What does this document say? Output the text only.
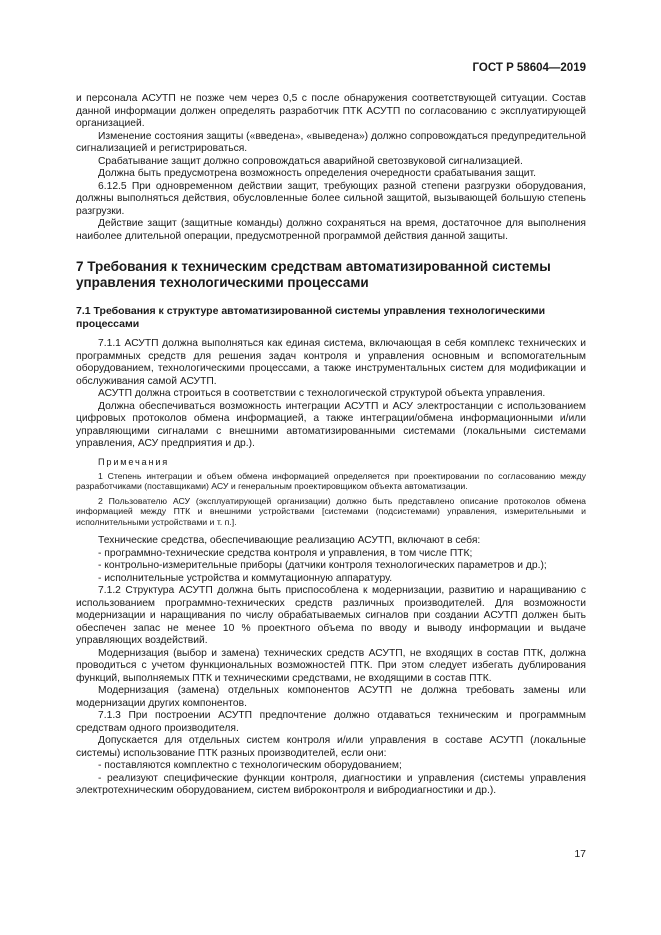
ГОСТ Р 58604—2019

и персонала АСУТП не позже чем через 0,5 с после обнаружения соответствующей ситуации. Состав данной информации должен определять разработчик ПТК АСУТП по согласованию с эксплуатирующей организацией.

Изменение состояния защиты («введена», «выведена») должно сопровождаться предупредительной сигнализацией и регистрироваться.

Срабатывание защит должно сопровождаться аварийной светозвуковой сигнализацией.

Должна быть предусмотрена возможность определения очередности срабатывания защит.

6.12.5 При одновременном действии защит, требующих разной степени разгрузки оборудования, должны выполняться действия, обусловленные более сильной защитой, вызывающей большую степень разгрузки.

Действие защит (защитные команды) должно сохраняться на время, достаточное для выполнения наиболее длительной операции, предусмотренной программой действия данной защиты.

7 Требования к техническим средствам автоматизированной системы управления технологическими процессами
7.1 Требования к структуре автоматизированной системы управления технологическими процессами

7.1.1 АСУТП должна выполняться как единая система, включающая в себя комплекс технических и программных средств для решения задач контроля и управления основным и вспомогательным оборудованием, технологическими процессами, а также инструментальных систем для модификации и обслуживания самой АСУТП.

АСУТП должна строиться в соответствии с технологической структурой объекта управления.

Должна обеспечиваться возможность интеграции АСУТП и АСУ электростанции с использованием цифровых протоколов обмена информацией, а также интеграции/обмена информационными и/или управляющими сигналами с внешними автоматизированными системами (локальными системами управления, АСУ предприятия и др.).

Примечания

1 Степень интеграции и объем обмена информацией определяется при проектировании по согласованию между разработчиками (поставщиками) АСУ и генеральным проектировщиком объекта автоматизации.

2 Пользователю АСУ (эксплуатирующей организации) должно быть представлено описание протоколов обмена информацией между ПТК и внешними устройствами [системами (подсистемами) управления, измерительными и исполнительными устройствами и т. п.].

Технические средства, обеспечивающие реализацию АСУТП, включают в себя:

- программно-технические средства контроля и управления, в том числе ПТК;

- контрольно-измерительные приборы (датчики контроля технологических параметров и др.);

- исполнительные устройства и коммутационную аппаратуру.

7.1.2 Структура АСУТП должна быть приспособлена к модернизации, развитию и наращиванию с использованием программно-технических средств различных производителей. Для возможности модернизации и наращивания по числу обрабатываемых сигналов при создании АСУТП должен быть обеспечен запас не менее 10 % проектного объема по вводу и выводу информации и выдаче управляющих воздействий.

Модернизация (выбор и замена) технических средств АСУТП, не входящих в состав ПТК, должна проводиться с учетом функциональных возможностей ПТК. При этом следует избегать дублирования функций, выполняемых ПТК и техническими средствами, не входящими в состав ПТК.

Модернизация (замена) отдельных компонентов АСУТП не должна требовать замены или модернизации других компонентов.

7.1.3 При построении АСУТП предпочтение должно отдаваться техническим и программным средствам одного производителя.

Допускается для отдельных систем контроля и/или управления в составе АСУТП (локальные системы) использование ПТК разных производителей, если они:

- поставляются комплектно с технологическим оборудованием;

- реализуют специфические функции контроля, диагностики и управления (системы управления электротехническим оборудованием, систем виброконтроля и вибродиагностики и др.).

17
